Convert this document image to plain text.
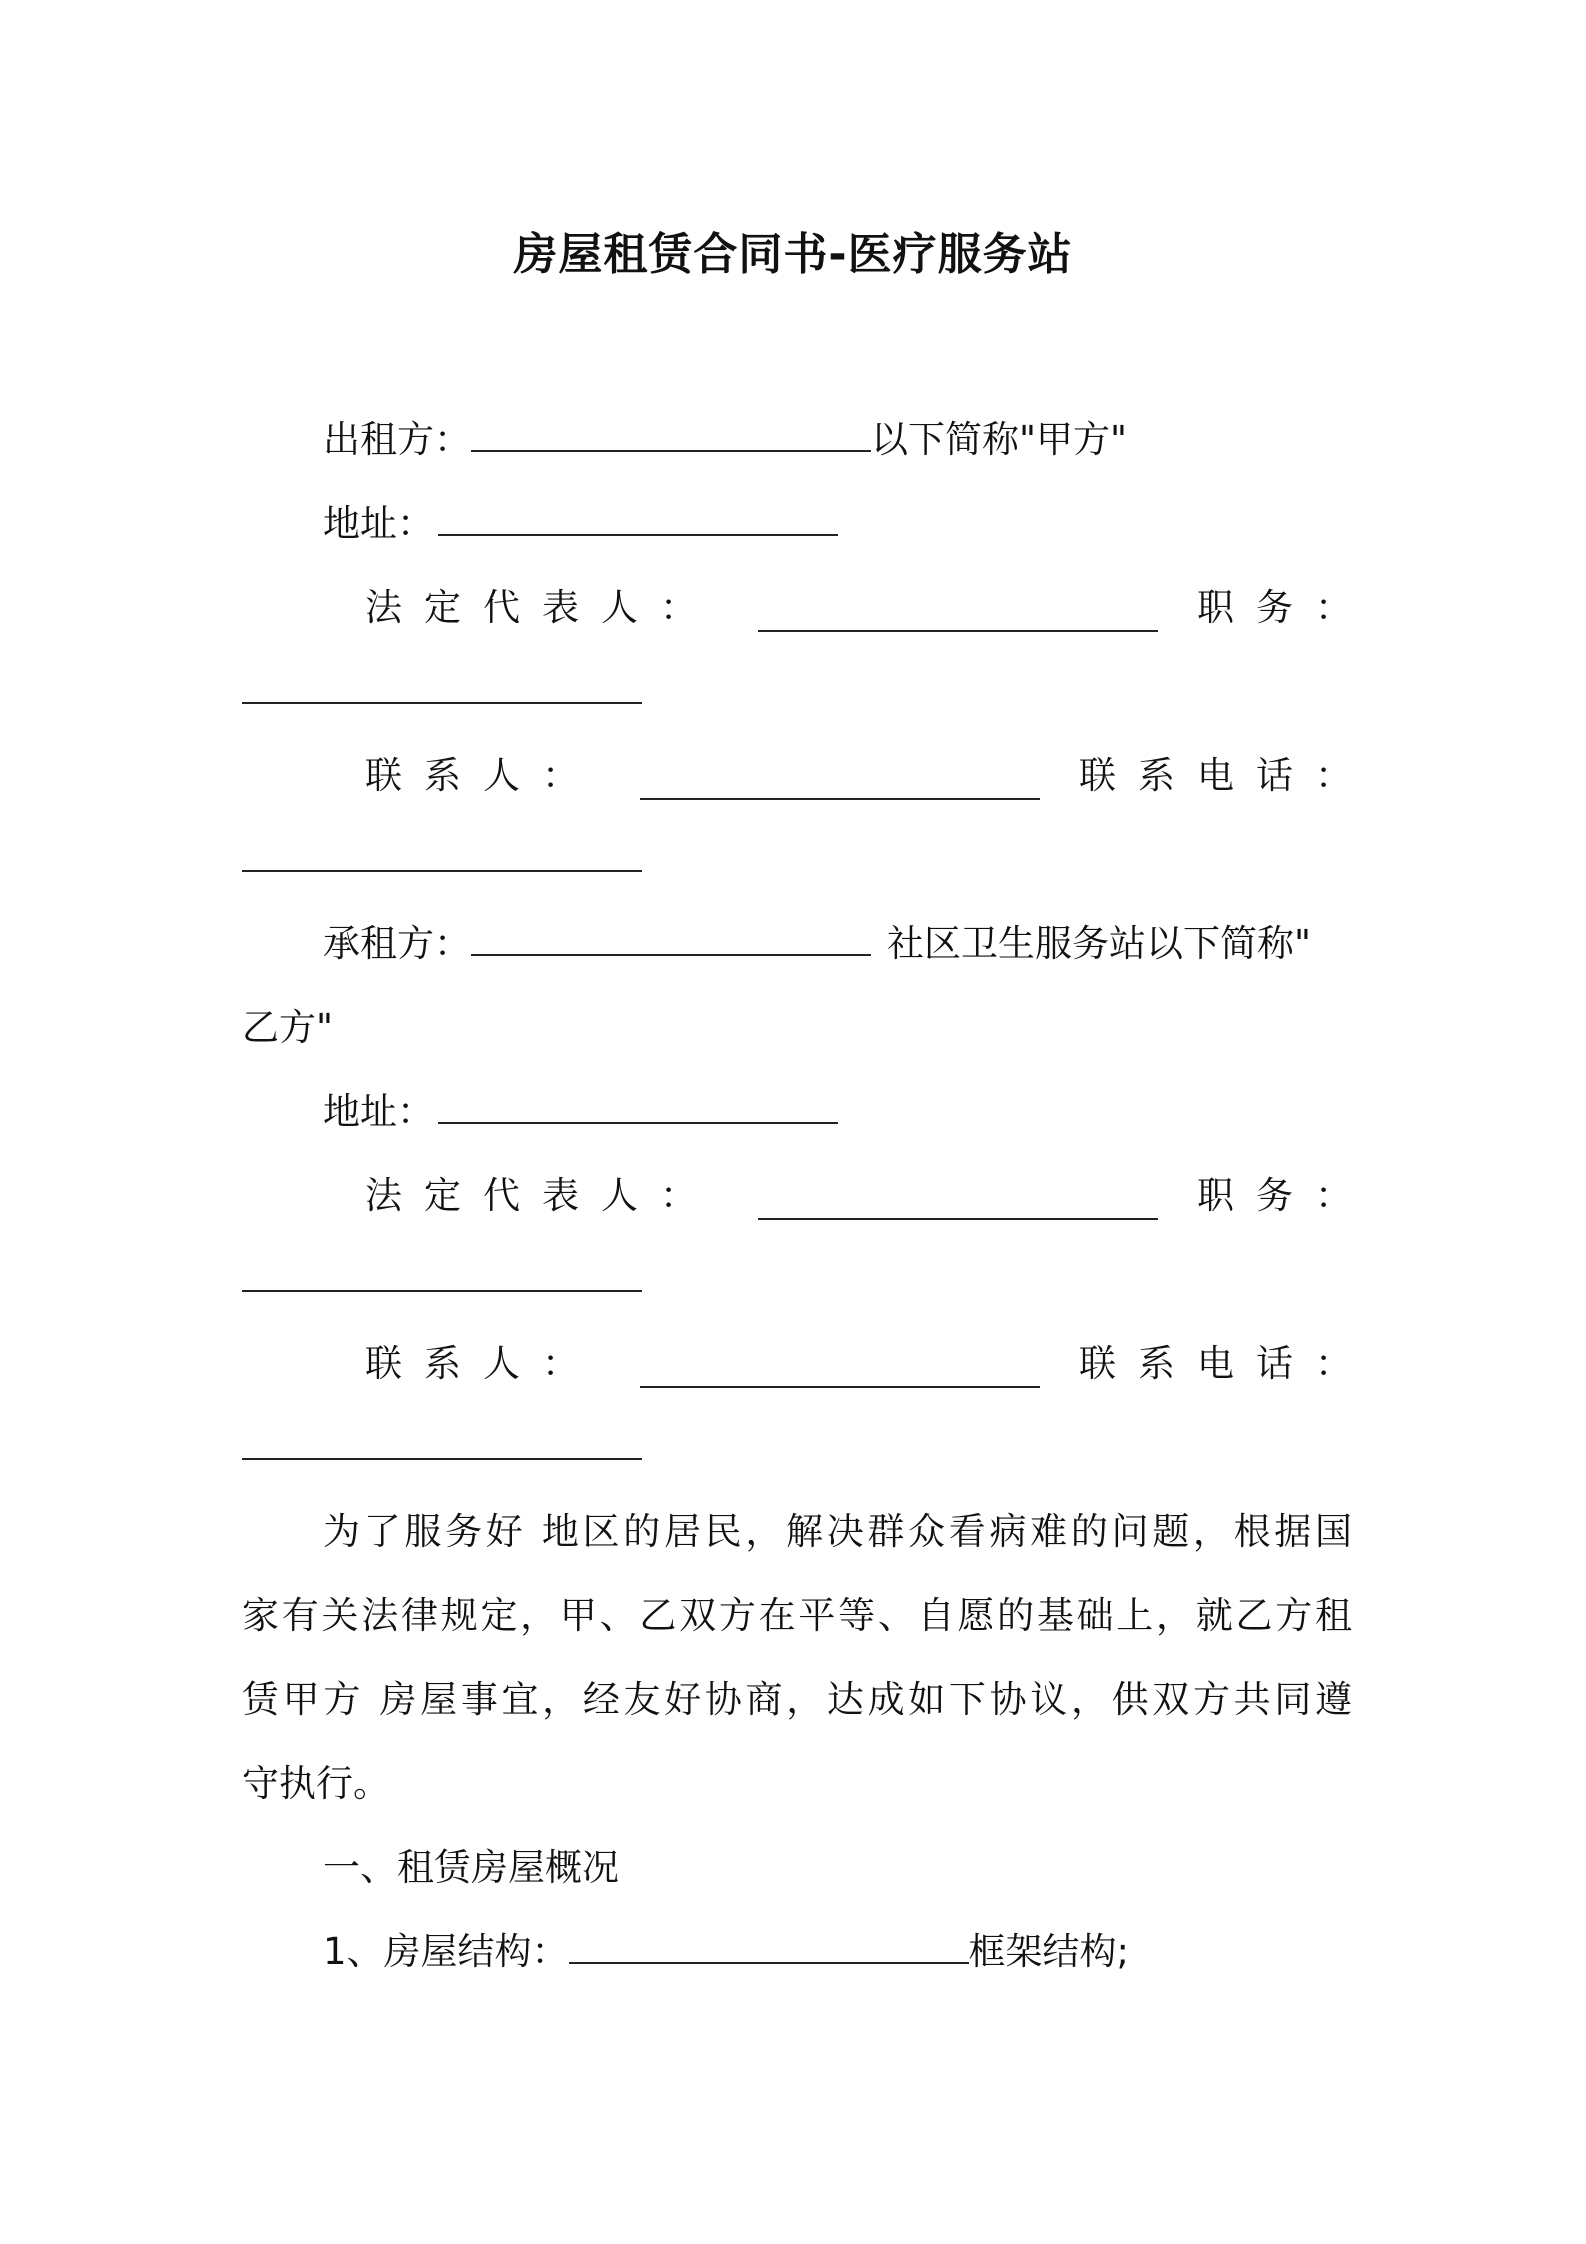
房屋租赁合同书-医疗服务站
出租方：	以下简称"甲方"
地址：
法定代表人：	职务：
联系人：	联系电话：
承租方：	社区卫生服务站以下简称"
乙方"
地址：
法定代表人：	职务：
联系人：	联系电话：
为了服务好 地区的居民，解决群众看病难的问题，根据国
家有关法律规定，甲、乙双方在平等、自愿的基础上，就乙方租
赁甲方 房屋事宜，经友好协商，达成如下协议，供双方共同遵
守执行。
一、租赁房屋概况
1、房屋结构：	框架结构;
